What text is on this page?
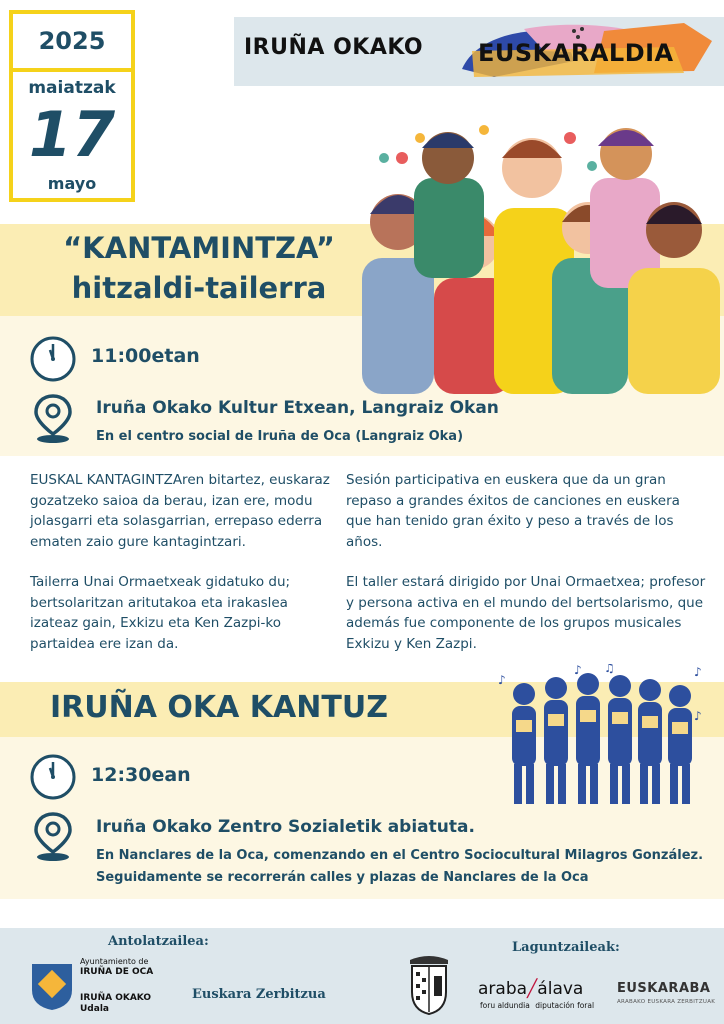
2025
maiatzak
17
mayo
IRUÑA OKAKO EUSKARALDIA
“KANTAMINTZA”
hitzaldi-tailerra
11:00etan
Iruña Okako Kultur Etxean, Langraiz Okan
En el centro social de Iruña de Oca (Langraiz Oka)

EUSKAL KANTAGINTZAren bitartez, euskaraz gozatzeko saioa da berau, izan ere, modu jolasgarri eta solasgarrian, errepaso ederra ematen zaio gure kantagintzari.

Tailerra Unai Ormaetxeak gidatuko du; bertsolaritzan aritutakoa eta irakaslea izateaz gain, Exkizu eta Ken Zazpi-ko partaidea ere izan da.

Sesión participativa en euskera que da un gran repaso a grandes éxitos de canciones en euskera que han tenido gran éxito y peso a través de los años.

El taller estará dirigido por Unai Ormaetxea; profesor y persona activa en el mundo del bertsolarismo, que además fue componente de los grupos musicales Exkizu y Ken Zazpi.

IRUÑA OKA KANTUZ
♪ ♫	♪
♪
♪
12:30ean
Iruña Okako Zentro Sozialetik abiatuta.
En Nanclares de la Oca, comenzando en el Centro Sociocultural Milagros González.
Seguidamente se recorrerán calles y plazas de Nanclares de la Oca
Antolatzailea:
Ayuntamiento de
IRUÑA DE OCA
IRUÑA OKAKO
Udala
Euskara Zerbitzua
Laguntzaileak:
araba╱álava
foru aldundia diputación foral
EUSKARABA
ARABAKO EUSKARA ZERBITZUAK
